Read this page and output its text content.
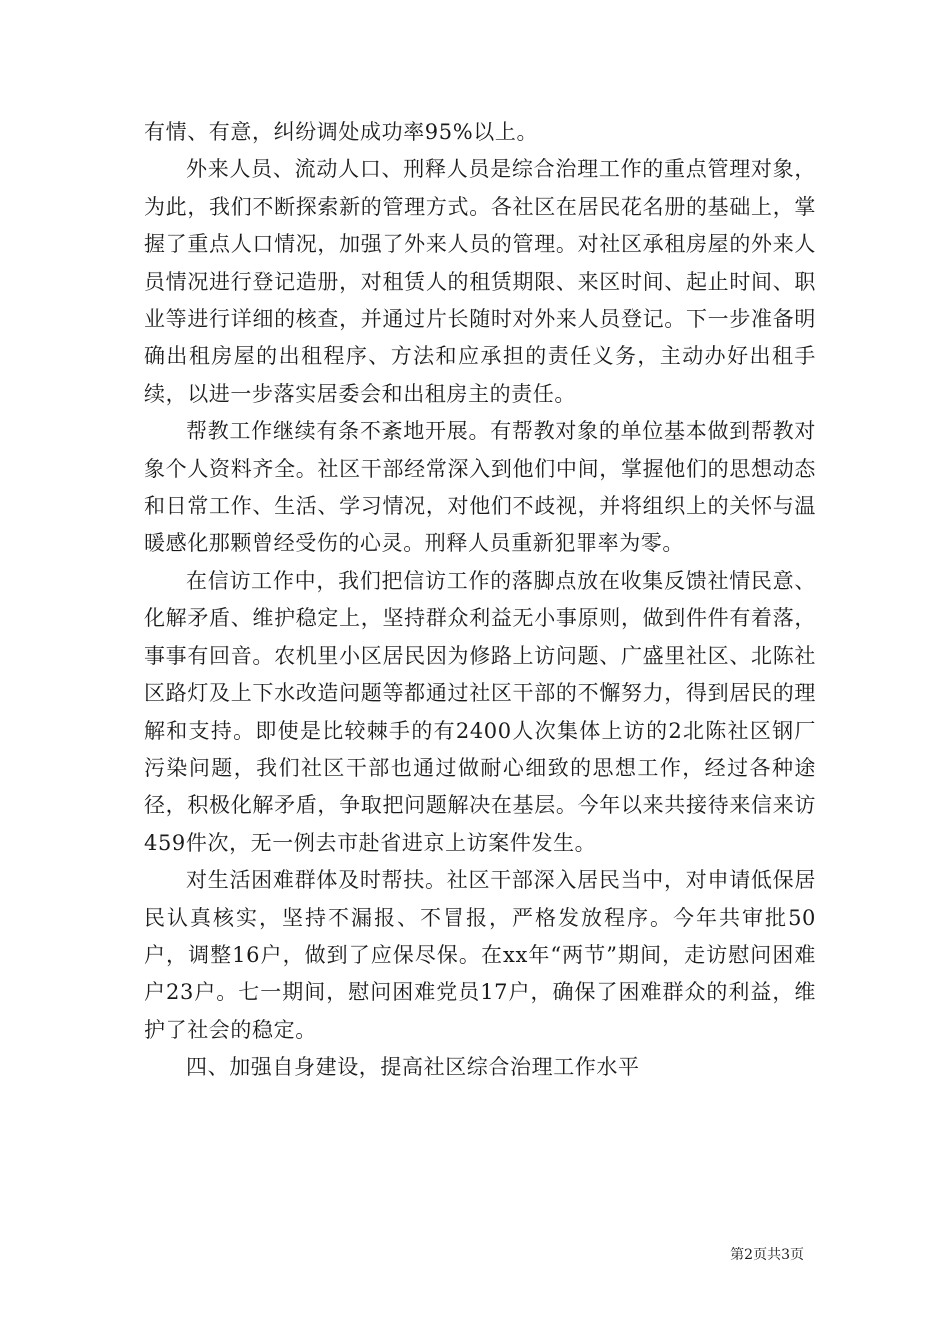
有情、有意，纠纷调处成功率95%以上。

外来人员、流动人口、刑释人员是综合治理工作的重点管理对象，为此，我们不断探索新的管理方式。各社区在居民花名册的基础上，掌握了重点人口情况，加强了外来人员的管理。对社区承租房屋的外来人员情况进行登记造册，对租赁人的租赁期限、来区时间、起止时间、职业等进行详细的核查，并通过片长随时对外来人员登记。下一步准备明确出租房屋的出租程序、方法和应承担的责任义务，主动办好出租手续，以进一步落实居委会和出租房主的责任。

帮教工作继续有条不紊地开展。有帮教对象的单位基本做到帮教对象个人资料齐全。社区干部经常深入到他们中间，掌握他们的思想动态和日常工作、生活、学习情况，对他们不歧视，并将组织上的关怀与温暖感化那颗曾经受伤的心灵。刑释人员重新犯罪率为零。

在信访工作中，我们把信访工作的落脚点放在收集反馈社情民意、化解矛盾、维护稳定上，坚持群众利益无小事原则，做到件件有着落，事事有回音。农机里小区居民因为修路上访问题、广盛里社区、北陈社区路灯及上下水改造问题等都通过社区干部的不懈努力，得到居民的理解和支持。即使是比较棘手的有2400人次集体上访的2北陈社区钢厂污染问题，我们社区干部也通过做耐心细致的思想工作，经过各种途径，积极化解矛盾，争取把问题解决在基层。今年以来共接待来信来访459件次，无一例去市赴省进京上访案件发生。

对生活困难群体及时帮扶。社区干部深入居民当中，对申请低保居民认真核实，坚持不漏报、不冒报，严格发放程序。今年共审批50户，调整16户，做到了应保尽保。在xx年“两节”期间，走访慰问困难户23户。七一期间，慰问困难党员17户，确保了困难群众的利益，维护了社会的稳定。

四、加强自身建设，提高社区综合治理工作水平

第2页共3页
